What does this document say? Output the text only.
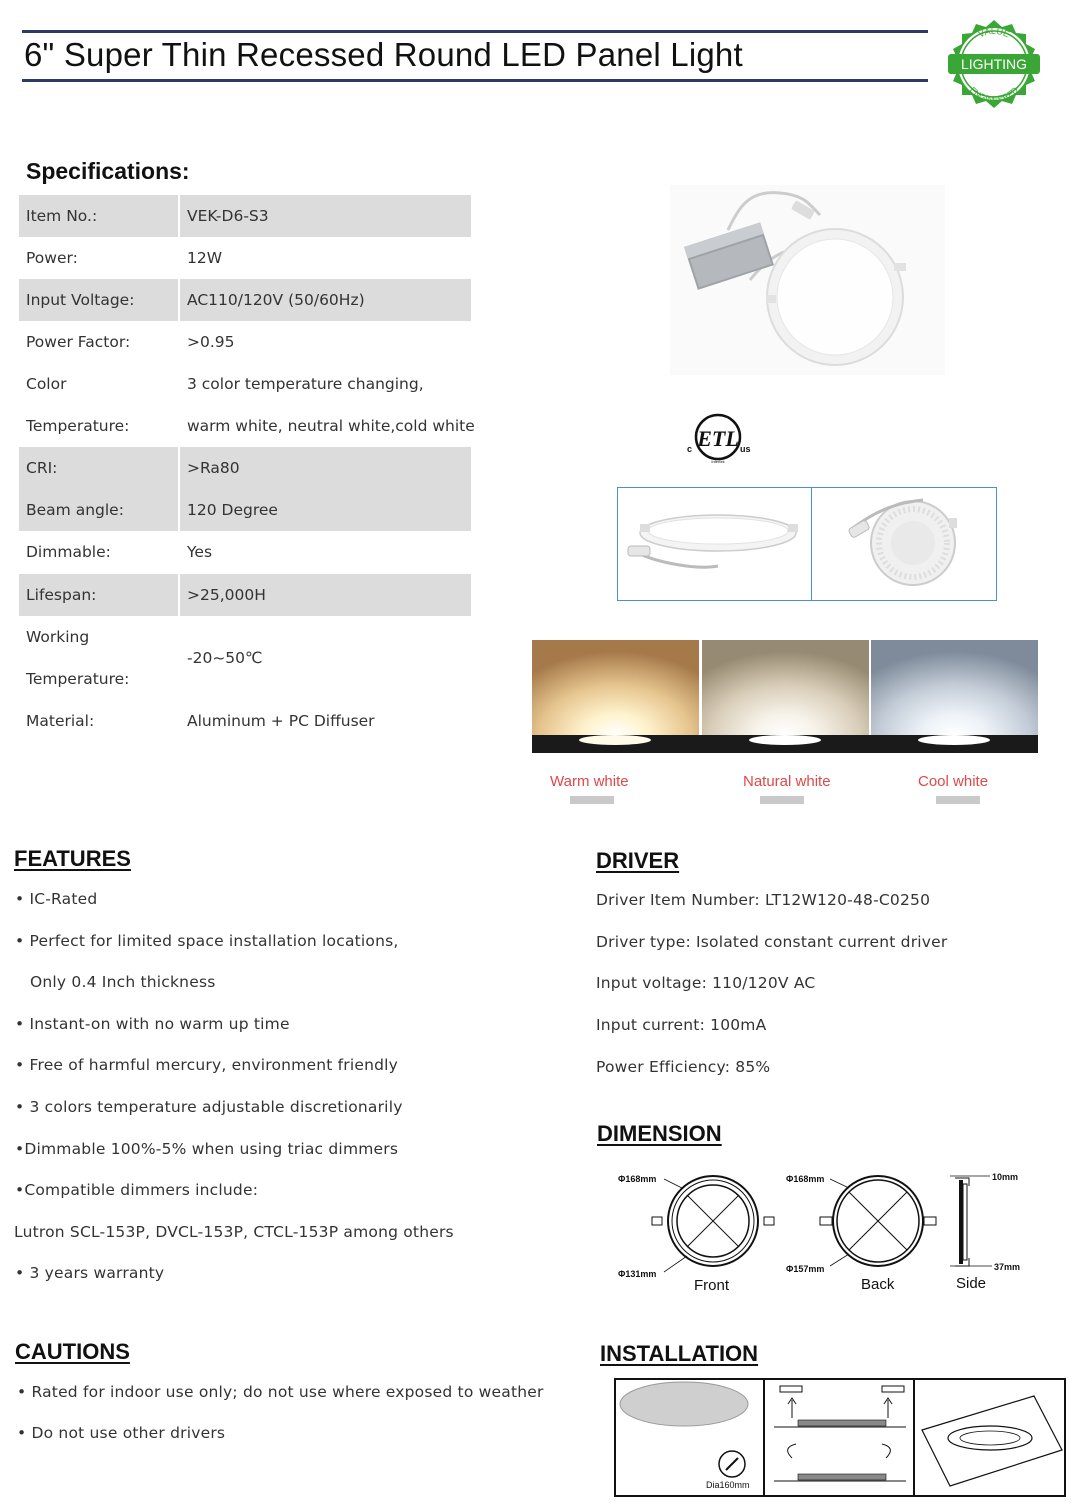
6" Super Thin Recessed Round LED Panel Light	LIGHTING
VALUE
ENGINEERED
Specifications:
Item No.:	VEK-D6-S3
Power:	12W
Input Voltage:	AC110/120V (50/60Hz)
Power Factor:	>0.95
Color	3 color temperature changing,
Temperature:	warm white, neutral white,cold white
CRI:	>Ra80
Beam angle:	120 Degree
Dimmable:	Yes
Lifespan:	>25,000H
Working
Temperature:
-20~50℃
Material:	Aluminum + PC Diffuser
ETL
c	us
Intertek
Warm white	Natural white	Cool white
FEATURES
• IC-Rated
• Perfect for limited space installation locations,
Only 0.4 Inch thickness
• Instant-on with no warm up time
• Free of harmful mercury, environment friendly
• 3 colors temperature adjustable discretionarily
•Dimmable 100%-5% when using triac dimmers
•Compatible dimmers include:
Lutron SCL-153P, DVCL-153P, CTCL-153P among others
• 3 years warranty
DRIVER
Driver Item Number: LT12W120-48-C0250
Driver type: Isolated constant current driver
Input voltage: 110/120V AC
Input current: 100mA
Power Efficiency: 85%
DIMENSION
Φ168mm
Φ131mm
Front
Φ168mm
Φ157mm
Back
10mm
37mm
Side
CAUTIONS
• Rated for indoor use only; do not use where exposed to weather
• Do not use other drivers
INSTALLATION
Dia160mm
